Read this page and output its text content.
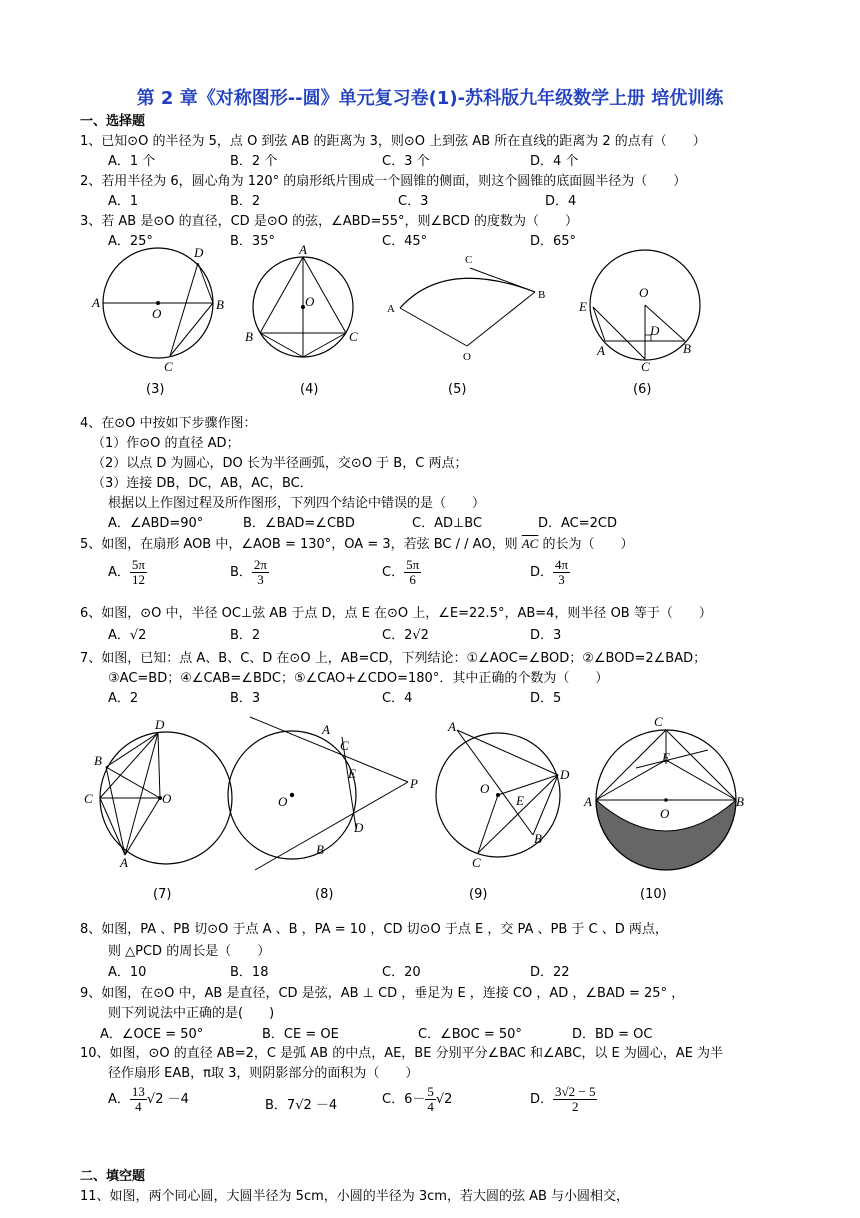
第 2 章《对称图形--圆》单元复习卷(1)-苏科版九年级数学上册 培优训练
一、选择题
1、已知⊙O 的半径为 5，点 O 到弦 AB 的距离为 3，则⊙O 上到弦 AB 所在直线的距离为 2 的点有（　　）
A．1 个	B．2 个	C．3 个	D．4 个
2、若用半径为 6，圆心角为 120° 的扇形纸片围成一个圆锥的侧面，则这个圆锥的底面圆半径为（　　）
A．1	B．2	C．3	D．4
3、若 AB 是⊙O 的直径，CD 是⊙O 的弦，∠ABD=55°，则∠BCD 的度数为（　　）
A．25°	B．35°	C．45°	D．65°
A	B
O
D
C
A
O
B	C
A
B
C
O
O
E
D
A
C
B
(3)	(4)	(5)	(6)
4、在⊙O 中按如下步骤作图：
（1）作⊙O 的直径 AD；
（2）以点 D 为圆心，DO 长为半径画弧，交⊙O 于 B，C 两点；
（3）连接 DB，DC，AB，AC，BC．
根据以上作图过程及所作图形，下列四个结论中错误的是（　　）
A．∠ABD=90°	B．∠BAD=∠CBD	C．AD⊥BC	D．AC=2CD
5、如图，在扇形 AOB 中，∠AOB = 130°，OA = 3，若弦 BC / / AO，则 $\overline{AC}$ 的长为（　　）
A． $\frac{5\pi}{12}$	B． $\frac{2\pi}{3}$	C． $\frac{5\pi}{6}$	D． $\frac{4\pi}{3}$
6、如图，⊙O 中，半径 OC⊥弦 AB 于点 D，点 E 在⊙O 上，∠E=22.5°，AB=4，则半径 OB 等于（　　）
A．√2	B．2	C．2√2	D．3
7、如图，已知：点 A、B、C、D 在⊙O 上，AB=CD，下列结论：①∠AOC=∠BOD；②∠BOD=2∠BAD；
③AC=BD；④∠CAB=∠BDC；⑤∠CAO+∠CDO=180°．其中正确的个数为（　　）
A．2	B．3	C．4	D．5
D
B
C	O
A
A
C
E
P
O
D
B
A
O
D
E
B
C
C
E
A	B
O
(7)	(8)	(9)	(10)
8、如图，PA 、PB 切⊙O 于点 A 、B ，PA = 10 ，CD 切⊙O 于点 E ，交 PA 、PB 于 C 、D 两点，
则 △PCD 的周长是（　　）
A．10	B．18	C．20	D．22
9、如图，在⊙O 中，AB 是直径，CD 是弦，AB ⊥ CD ，垂足为 E ，连接 CO ，AD ，∠BAD = 25° ，
则下列说法中正确的是(　　)
A．∠OCE = 50°	B．CE = OE	C．∠BOC = 50°	D．BD = OC
10、如图，⊙O 的直径 AB=2，C 是弧 AB 的中点，AE，BE 分别平分∠BAC 和∠ABC，以 E 为圆心，AE 为半
径作扇形 EAB，π取 3，则阴影部分的面积为（　　）
A． $\frac{13}{4} √2 -4$	B．7√2 －4	C．$6- \frac{5}{4} √2$	D． $\frac{3√2 - 5}{2}$
二、填空题
11、如图，两个同心圆，大圆半径为 5cm，小圆的半径为 3cm，若大圆的弦 AB 与小圆相交，
